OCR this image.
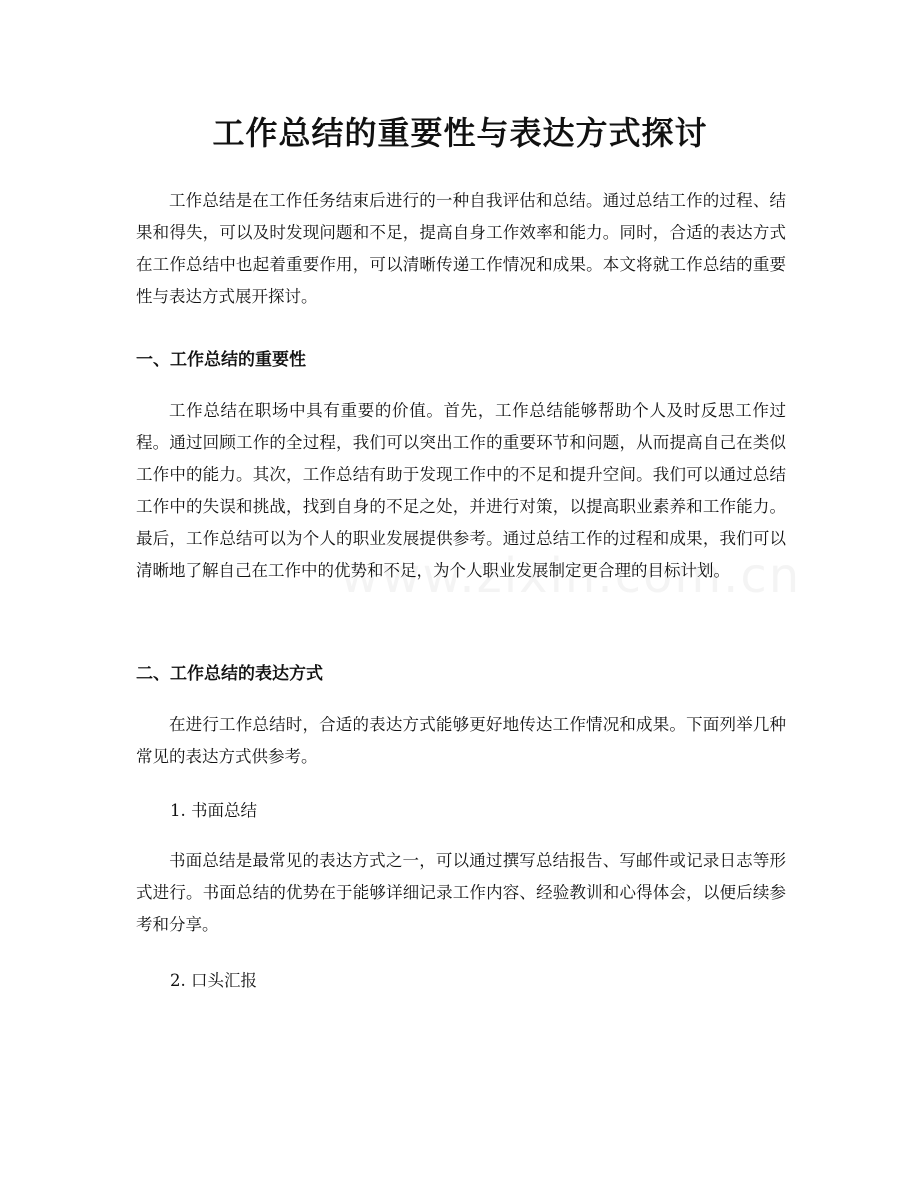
工作总结的重要性与表达方式探讨

工作总结是在工作任务结束后进行的一种自我评估和总结。通过总结工作的过程、结果和得失，可以及时发现问题和不足，提高自身工作效率和能力。同时，合适的表达方式在工作总结中也起着重要作用，可以清晰传递工作情况和成果。本文将就工作总结的重要性与表达方式展开探讨。

一、工作总结的重要性

工作总结在职场中具有重要的价值。首先，工作总结能够帮助个人及时反思工作过程。通过回顾工作的全过程，我们可以突出工作的重要环节和问题，从而提高自己在类似工作中的能力。其次，工作总结有助于发现工作中的不足和提升空间。我们可以通过总结工作中的失误和挑战，找到自身的不足之处，并进行对策，以提高职业素养和工作能力。最后，工作总结可以为个人的职业发展提供参考。通过总结工作的过程和成果，我们可以清晰地了解自己在工作中的优势和不足，为个人职业发展制定更合理的目标计划。

二、工作总结的表达方式

在进行工作总结时，合适的表达方式能够更好地传达工作情况和成果。下面列举几种常见的表达方式供参考。

1. 书面总结

书面总结是最常见的表达方式之一，可以通过撰写总结报告、写邮件或记录日志等形式进行。书面总结的优势在于能够详细记录工作内容、经验教训和心得体会，以便后续参考和分享。

2. 口头汇报
